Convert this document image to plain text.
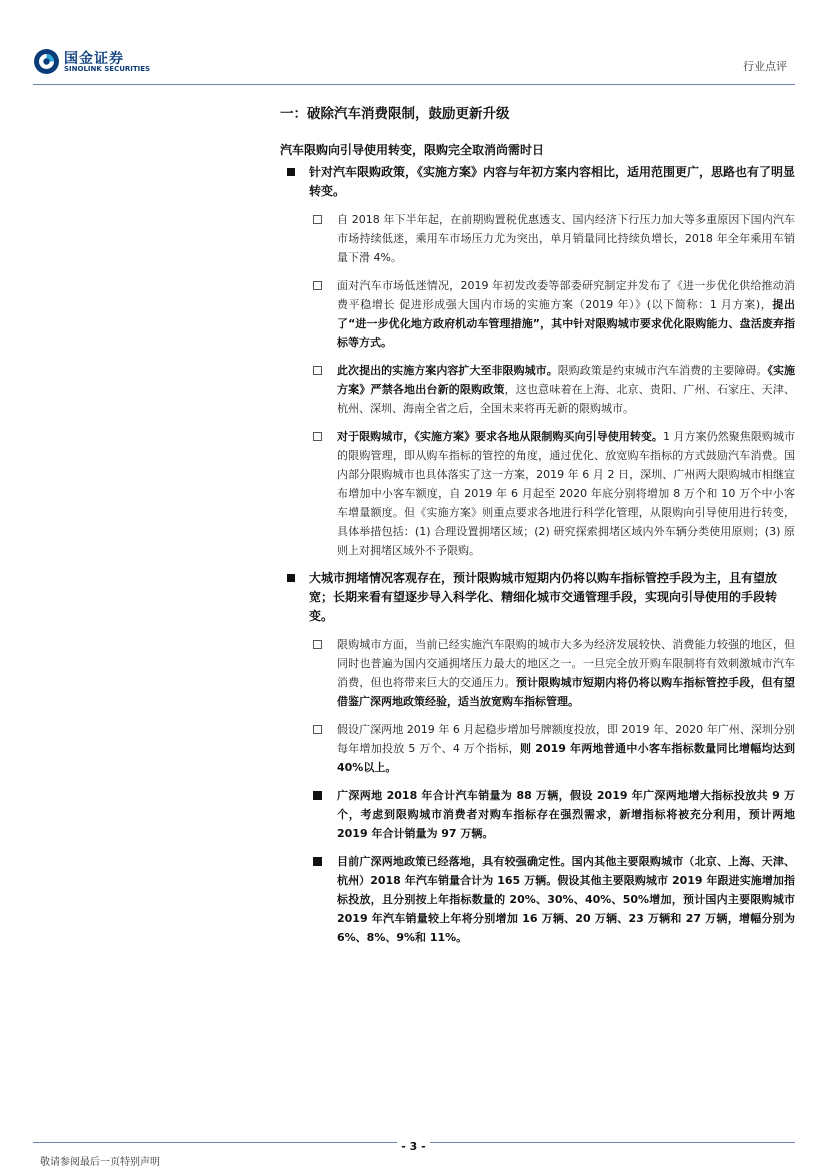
国金证券
SINOLINK SECURITIES	行业点评
一：破除汽车消费限制，鼓励更新升级
汽车限购向引导使用转变，限购完全取消尚需时日
针对汽车限购政策，《实施方案》内容与年初方案内容相比，适用范围更广，思路也有了明显转变。
自 2018 年下半年起，在前期购置税优惠透支、国内经济下行压力加大等多重原因下国内汽车市场持续低迷，乘用车市场压力尤为突出，单月销量同比持续负增长，2018 年全年乘用车销量下滑 4%。
面对汽车市场低迷情况，2019 年初发改委等部委研究制定并发布了《进一步优化供给推动消费平稳增长 促进形成强大国内市场的实施方案（2019 年）》(以下简称：1 月方案)，提出了“进一步优化地方政府机动车管理措施”，其中针对限购城市要求优化限购能力、盘活废弃指标等方式。
此次提出的实施方案内容扩大至非限购城市。限购政策是约束城市汽车消费的主要障碍。《实施方案》严禁各地出台新的限购政策，这也意味着在上海、北京、贵阳、广州、石家庄、天津、杭州、深圳、海南全省之后，全国未来将再无新的限购城市。
对于限购城市，《实施方案》要求各地从限制购买向引导使用转变。1 月方案仍然聚焦限购城市的限购管理，即从购车指标的管控的角度，通过优化、放宽购车指标的方式鼓励汽车消费。国内部分限购城市也具体落实了这一方案，2019 年 6 月 2 日，深圳、广州两大限购城市相继宣布增加中小客车额度，自 2019 年 6 月起至 2020 年底分别将增加 8 万个和 10 万个中小客车增量额度。但《实施方案》则重点要求各地进行科学化管理，从限购向引导使用进行转变，具体举措包括：(1) 合理设置拥堵区域；(2) 研究探索拥堵区域内外车辆分类使用原则；(3) 原则上对拥堵区域外不予限购。
大城市拥堵情况客观存在，预计限购城市短期内仍将以购车指标管控手段为主，且有望放宽；长期来看有望逐步导入科学化、精细化城市交通管理手段，实现向引导使用的手段转变。
限购城市方面，当前已经实施汽车限购的城市大多为经济发展较快、消费能力较强的地区，但同时也普遍为国内交通拥堵压力最大的地区之一。一旦完全放开购车限制将有效刺激城市汽车消费，但也将带来巨大的交通压力。预计限购城市短期内将仍将以购车指标管控手段，但有望借鉴广深两地政策经验，适当放宽购车指标管理。
假设广深两地 2019 年 6 月起稳步增加号牌额度投放，即 2019 年、2020 年广州、深圳分别每年增加投放 5 万个、4 万个指标，则 2019 年两地普通中小客车指标数量同比增幅均达到 40%以上。
广深两地 2018 年合计汽车销量为 88 万辆，假设 2019 年广深两地增大指标投放共 9 万个，考虑到限购城市消费者对购车指标存在强烈需求，新增指标将被充分利用，预计两地 2019 年合计销量为 97 万辆。
目前广深两地政策已经落地，具有较强确定性。国内其他主要限购城市（北京、上海、天津、杭州）2018 年汽车销量合计为 165 万辆。假设其他主要限购城市 2019 年跟进实施增加指标投放，且分别按上年指标数量的 20%、30%、40%、50%增加，预计国内主要限购城市 2019 年汽车销量较上年将分别增加 16 万辆、20 万辆、23 万辆和 27 万辆，增幅分别为 6%、8%、9%和 11%。
- 3 -
敬请参阅最后一页特别声明
